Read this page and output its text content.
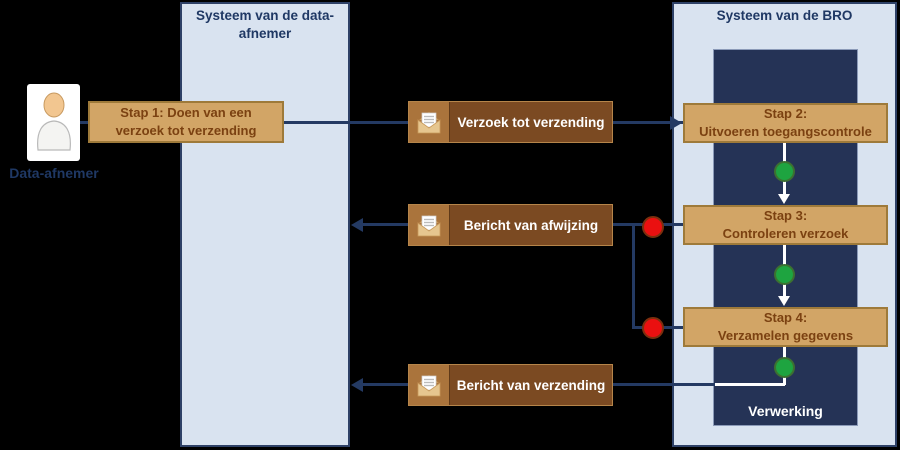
Systeem van de data-afnemer
Systeem van de BRO
Verwerking
Data-afnemer
Stap 1: Doen van een
verzoek tot verzending
Stap 2:
Uitvoeren toegangscontrole
Stap 3:
Controleren verzoek
Stap 4:
Verzamelen gegevens
Verzoek tot verzending
Bericht van afwijzing
Bericht van verzending
